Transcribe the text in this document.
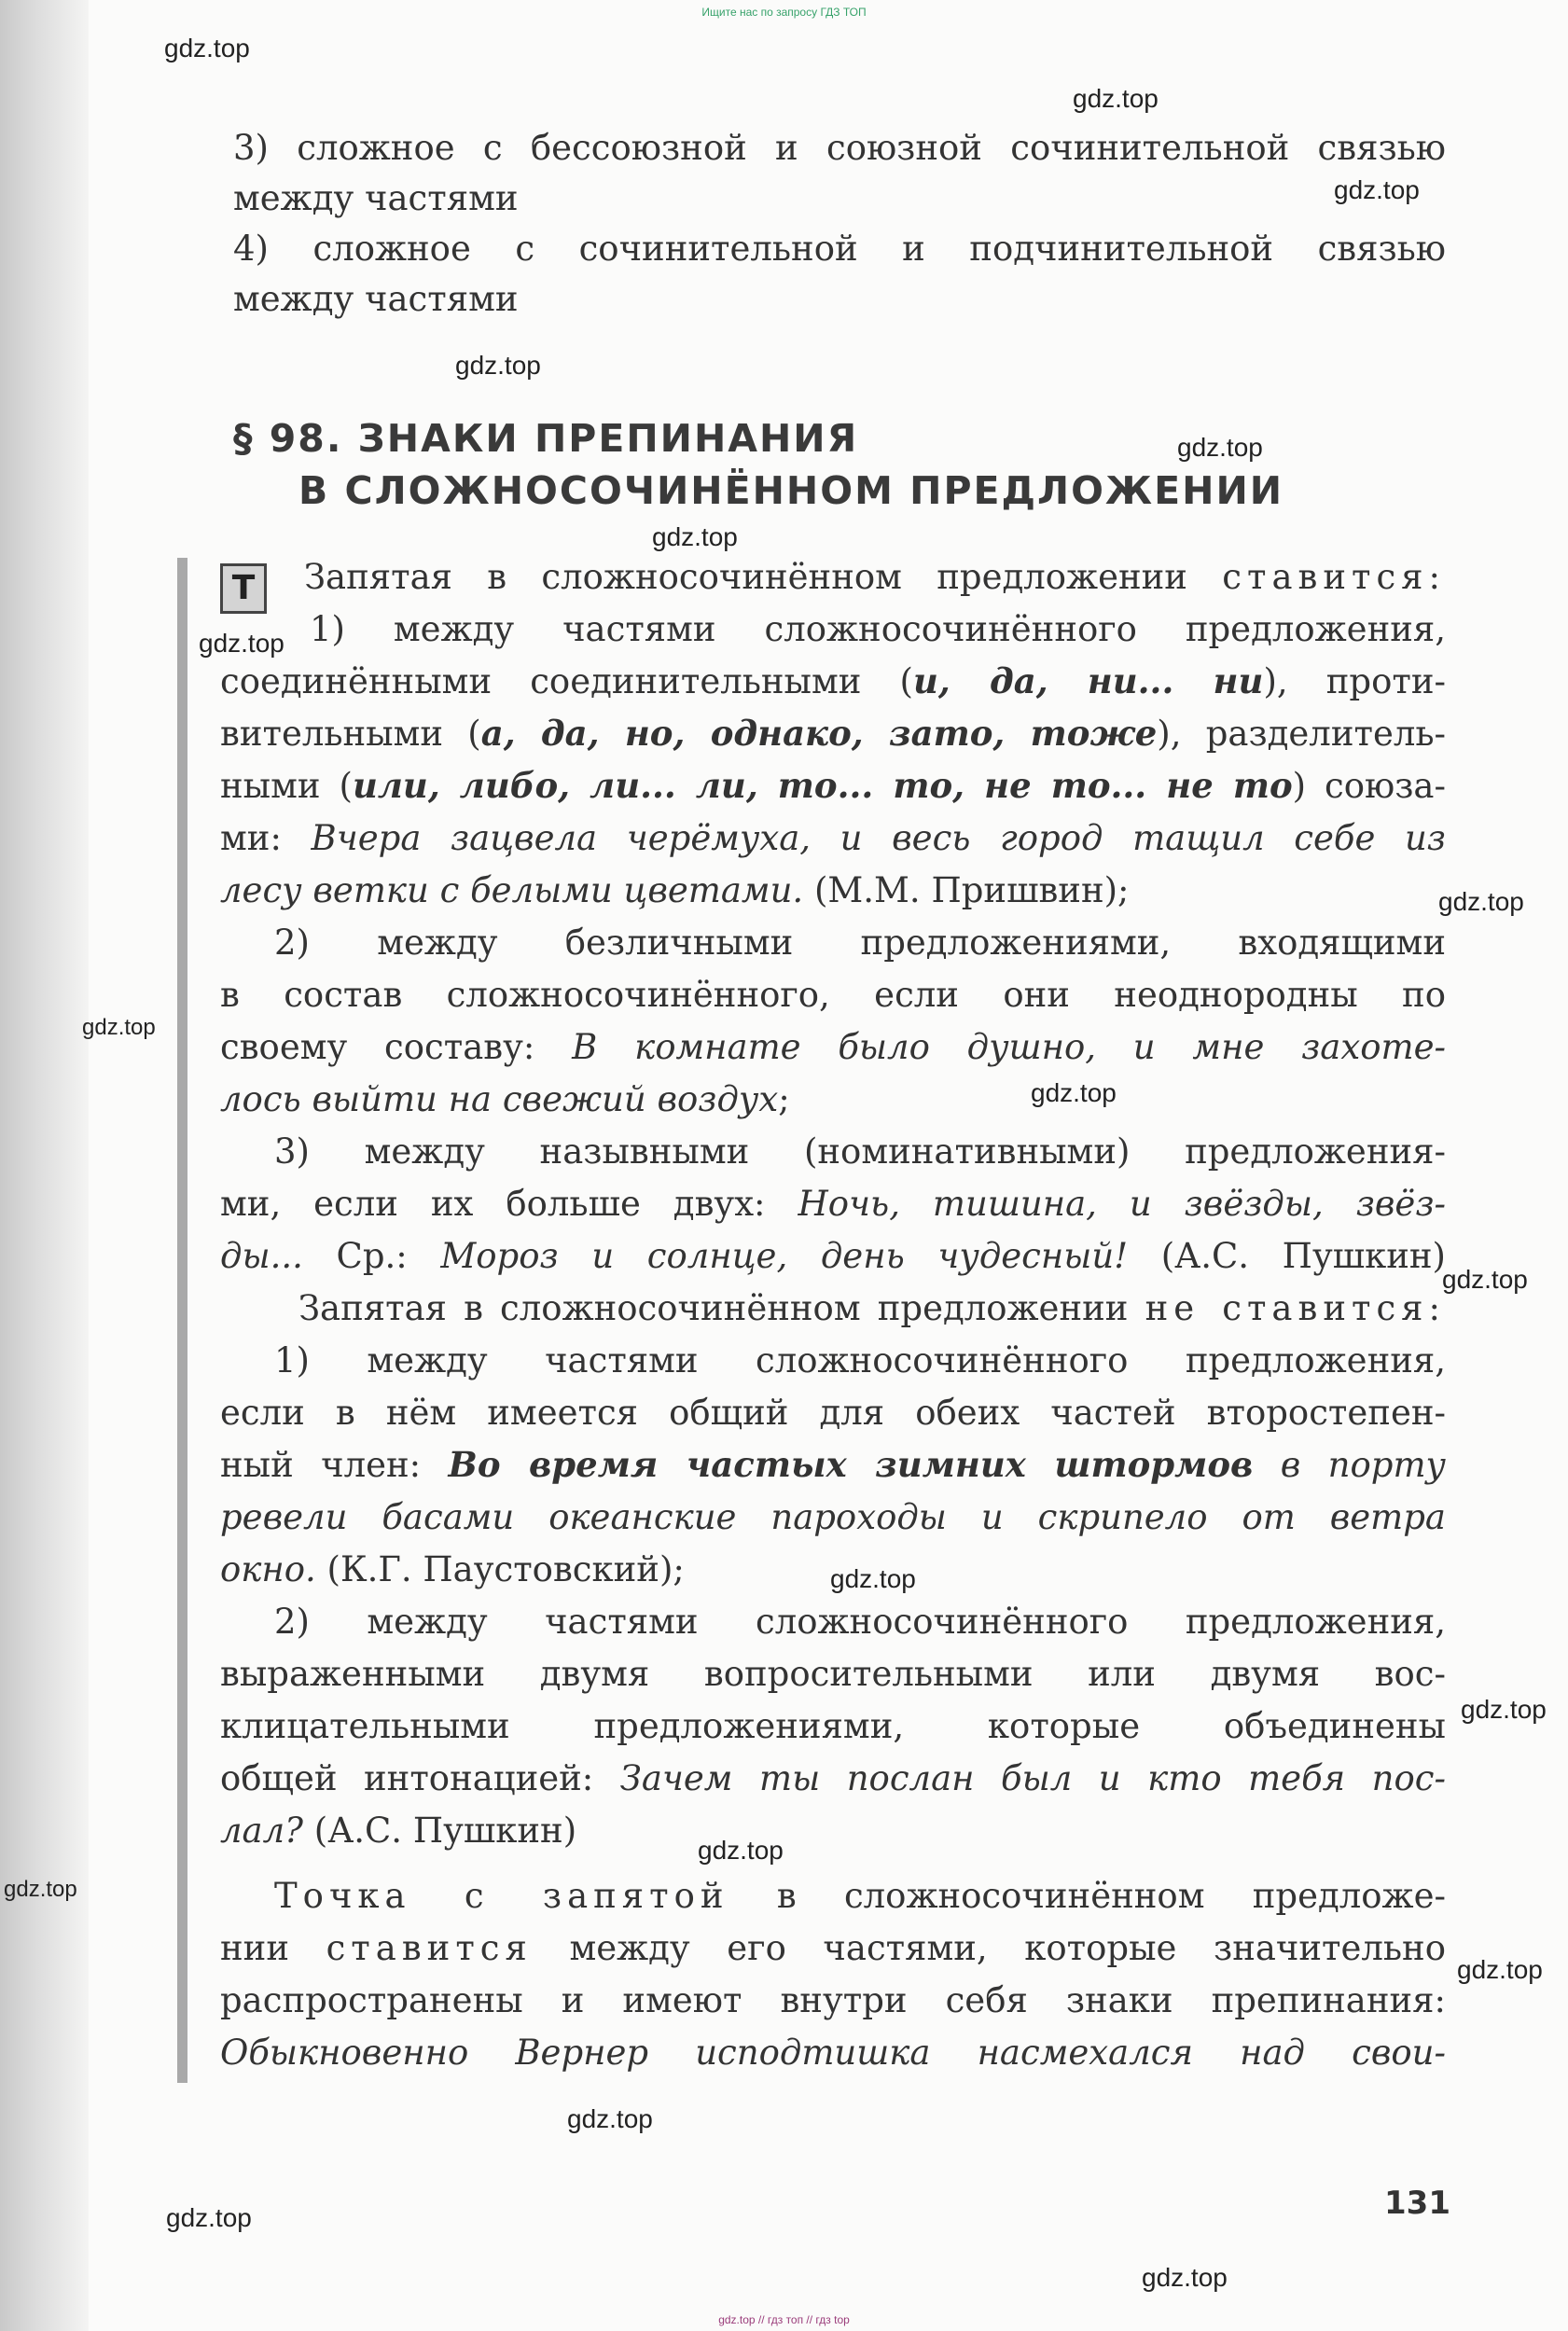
Ищите нас по запросу ГДЗ ТОП
gdz.top
gdz.top
gdz.top
gdz.top
gdz.top
gdz.top
gdz.top
gdz.top
gdz.top
gdz.top
gdz.top
gdz.top
gdz.top
gdz.top
gdz.top
gdz.top
gdz.top
gdz.top
gdz.top
3) сложное с бессоюзной и союзной сочинительной связью
между частями
4) сложное с сочинительной и подчинительной связью
между частями
§ 98. ЗНАКИ ПРЕПИНАНИЯ
В СЛОЖНОСОЧИНЁННОМ ПРЕДЛОЖЕНИИ
Т	Запятая в сложносочинённом предложении ставится:
1) между частями сложносочинённого предложения,
соединёнными соединительными (и, да, ни... ни), проти-
вительными (а, да, но, однако, зато, тоже), разделитель-
ными (или, либо, ли... ли, то... то, не то... не то) союза-
ми: Вчера зацвела черёмуха, и весь город тащил себе из
лесу ветки с белыми цветами. (М.М. Пришвин);
2) между безличными предложениями, входящими
в состав сложносочинённого, если они неоднородны по
своему составу: В комнате было душно, и мне захоте-
лось выйти на свежий воздух;
3) между назывными (номинативными) предложения-
ми, если их больше двух: Ночь, тишина, и звёзды, звёз-
ды... Ср.: Мороз и солнце, день чудесный! (А.С. Пушкин)
Запятая в сложносочинённом предложении не ставится:
1) между частями сложносочинённого предложения,
если в нём имеется общий для обеих частей второстепен-
ный член: Во время частых зимних штормов в порту
ревели басами океанские пароходы и скрипело от ветра
окно. (К.Г. Паустовский);
2) между частями сложносочинённого предложения,
выраженными двумя вопросительными или двумя вос-
клицательными предложениями, которые объединены
общей интонацией: Зачем ты послан был и кто тебя пос-
лал? (А.С. Пушкин)
Точка с запятой в сложносочинённом предложе-
нии ставится между его частями, которые значительно
распространены и имеют внутри себя знаки препинания:
Обыкновенно Вернер исподтишка насмехался над свои-
131
gdz.top // гдз топ // гдз top
